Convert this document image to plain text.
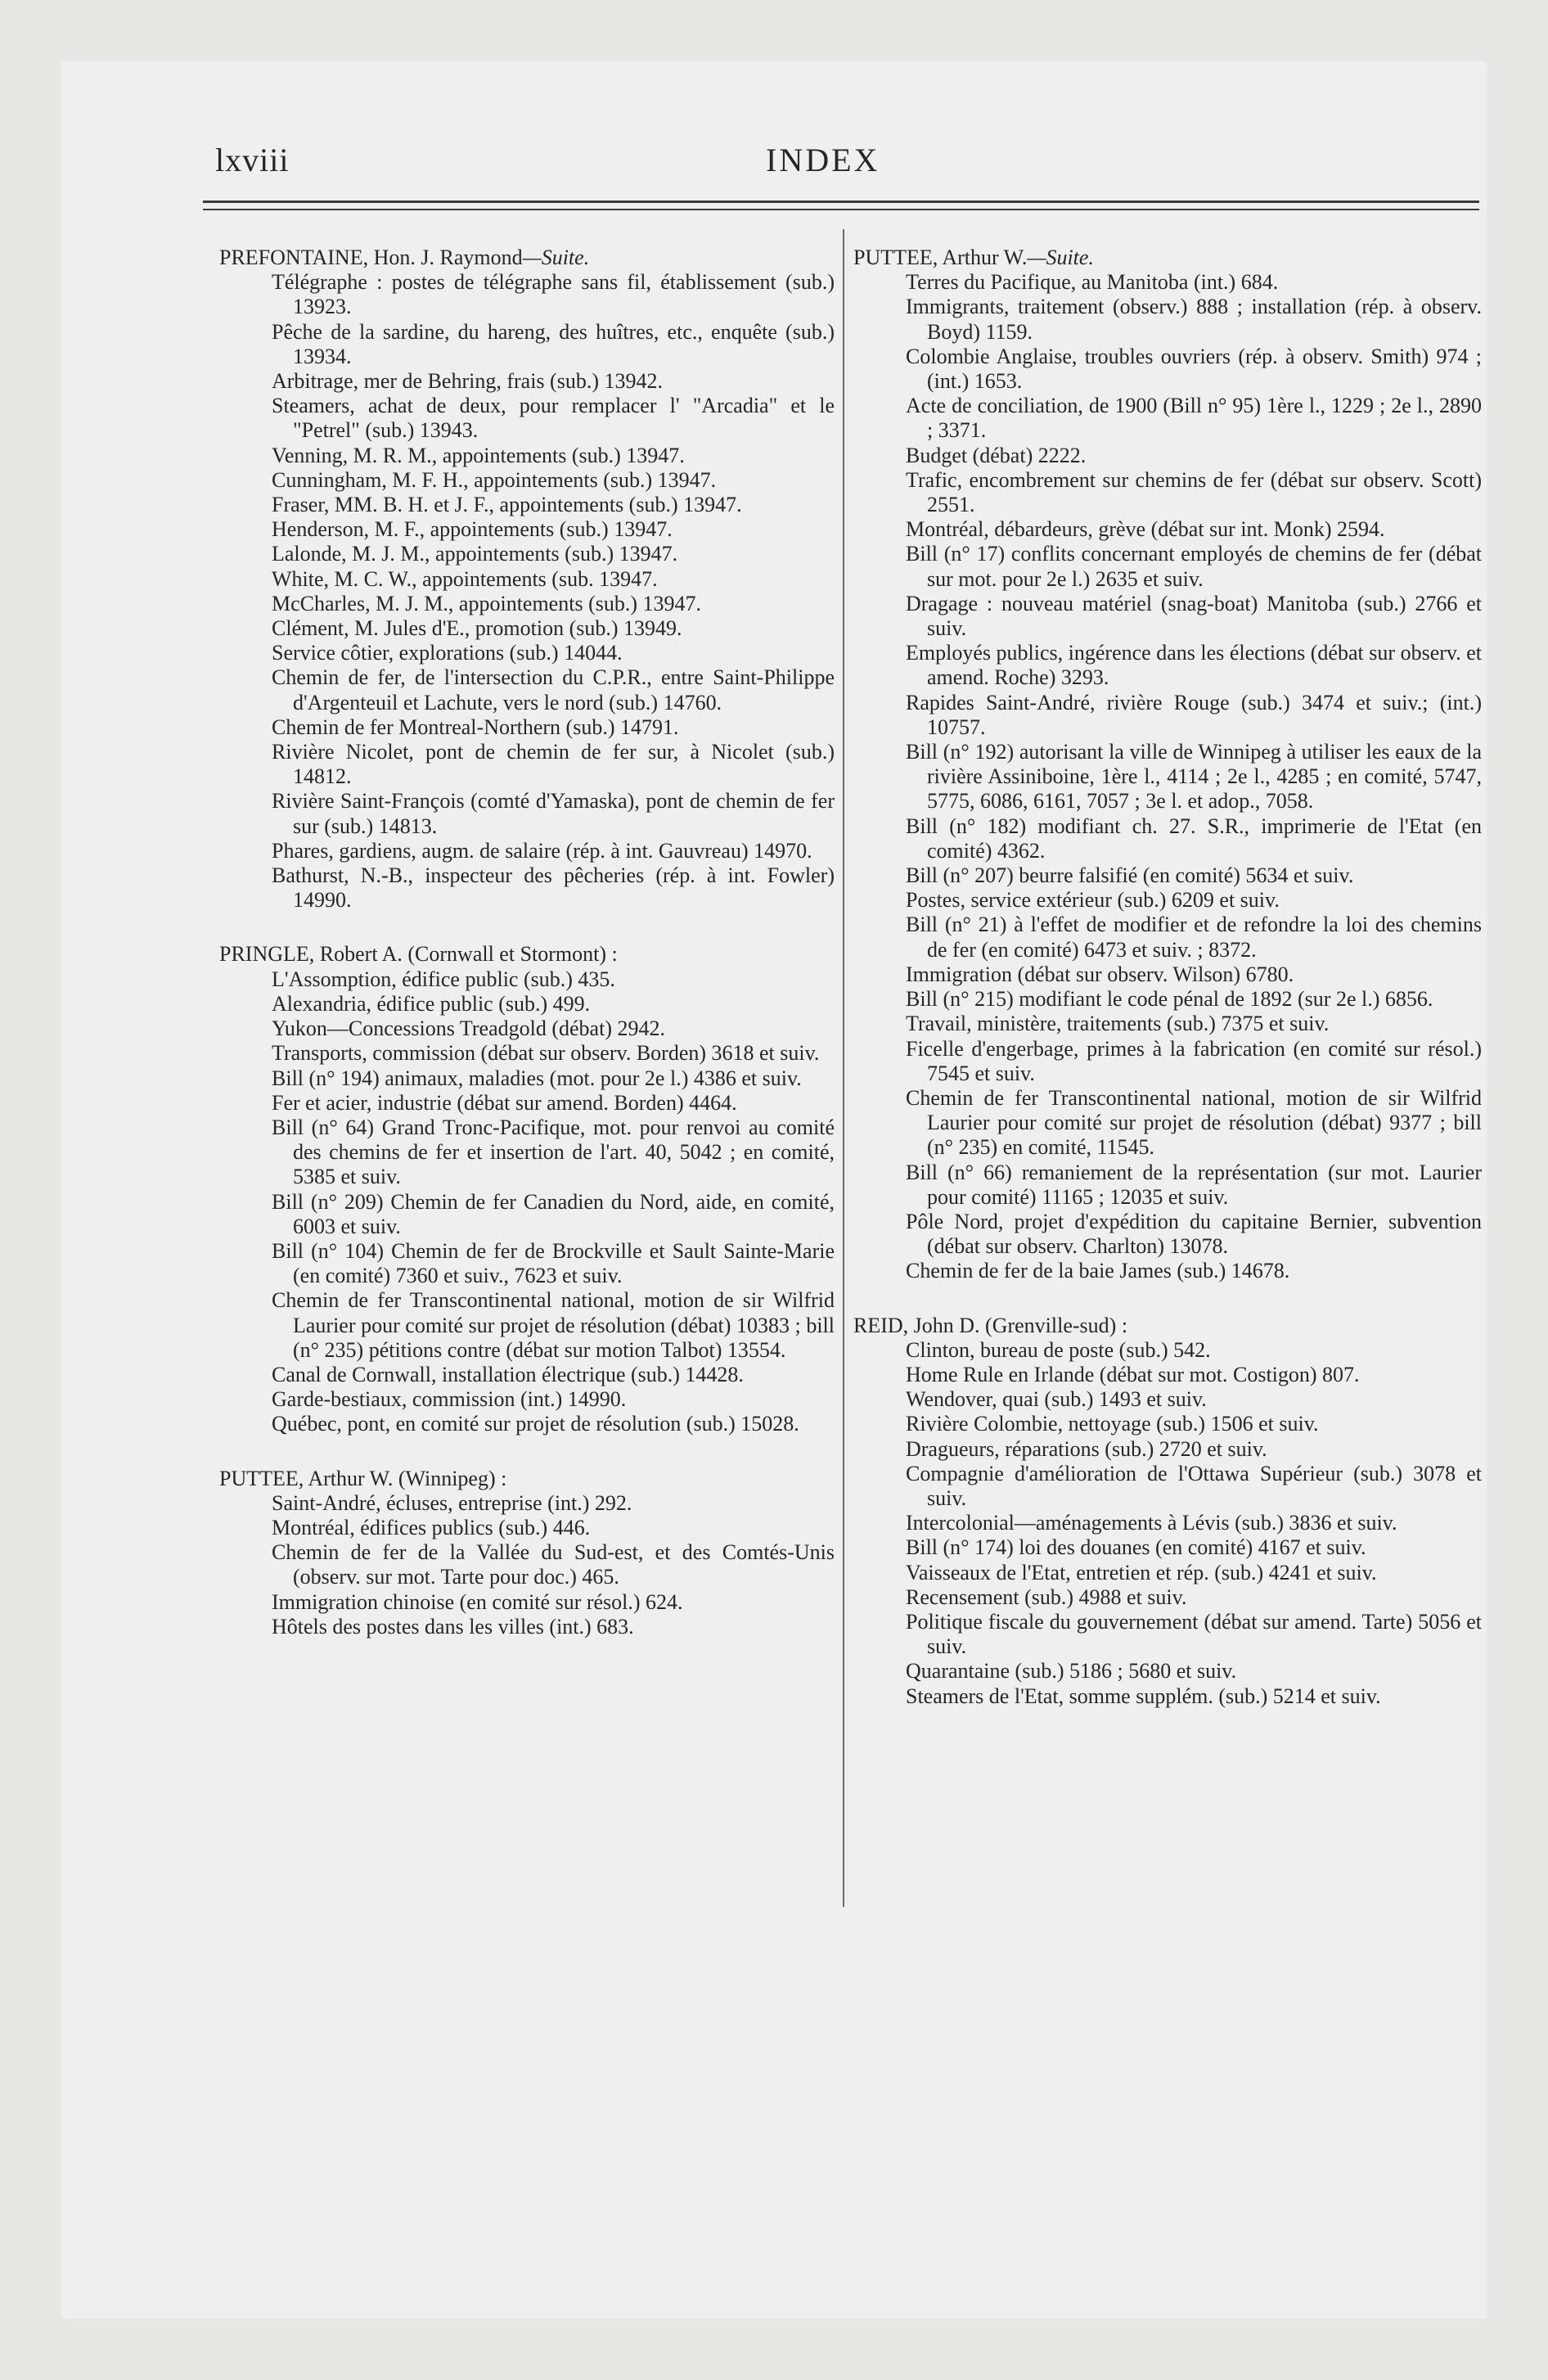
lxviii	INDEX
PREFONTAINE, Hon. J. Raymond—Suite.
Télégraphe : postes de télégraphe sans fil, établissement (sub.) 13923.
Pêche de la sardine, du hareng, des huîtres, etc., enquête (sub.) 13934.
Arbitrage, mer de Behring, frais (sub.) 13942.
Steamers, achat de deux, pour remplacer l' "Arcadia" et le "Petrel" (sub.) 13943.
Venning, M. R. M., appointements (sub.) 13947.
Cunningham, M. F. H., appointements (sub.) 13947.
Fraser, MM. B. H. et J. F., appointements (sub.) 13947.
Henderson, M. F., appointements (sub.) 13947.
Lalonde, M. J. M., appointements (sub.) 13947.
White, M. C. W., appointements (sub. 13947.
McCharles, M. J. M., appointements (sub.) 13947.
Clément, M. Jules d'E., promotion (sub.) 13949.
Service côtier, explorations (sub.) 14044.
Chemin de fer, de l'intersection du C.P.R., entre Saint-Philippe d'Argenteuil et Lachute, vers le nord (sub.) 14760.
Chemin de fer Montreal-Northern (sub.) 14791.
Rivière Nicolet, pont de chemin de fer sur, à Nicolet (sub.) 14812.
Rivière Saint-François (comté d'Yamaska), pont de chemin de fer sur (sub.) 14813.
Phares, gardiens, augm. de salaire (rép. à int. Gauvreau) 14970.
Bathurst, N.-B., inspecteur des pêcheries (rép. à int. Fowler) 14990.
PRINGLE, Robert A. (Cornwall et Stormont) :
L'Assomption, édifice public (sub.) 435.
Alexandria, édifice public (sub.) 499.
Yukon—Concessions Treadgold (débat) 2942.
Transports, commission (débat sur observ. Borden) 3618 et suiv.
Bill (n° 194) animaux, maladies (mot. pour 2e l.) 4386 et suiv.
Fer et acier, industrie (débat sur amend. Borden) 4464.
Bill (n° 64) Grand Tronc-Pacifique, mot. pour renvoi au comité des chemins de fer et insertion de l'art. 40, 5042 ; en comité, 5385 et suiv.
Bill (n° 209) Chemin de fer Canadien du Nord, aide, en comité, 6003 et suiv.
Bill (n° 104) Chemin de fer de Brockville et Sault Sainte-Marie (en comité) 7360 et suiv., 7623 et suiv.
Chemin de fer Transcontinental national, motion de sir Wilfrid Laurier pour comité sur projet de résolution (débat) 10383 ; bill (n° 235) pétitions contre (débat sur motion Talbot) 13554.
Canal de Cornwall, installation électrique (sub.) 14428.
Garde-bestiaux, commission (int.) 14990.
Québec, pont, en comité sur projet de résolution (sub.) 15028.
PUTTEE, Arthur W. (Winnipeg) :
Saint-André, écluses, entreprise (int.) 292.
Montréal, édifices publics (sub.) 446.
Chemin de fer de la Vallée du Sud-est, et des Comtés-Unis (observ. sur mot. Tarte pour doc.) 465.
Immigration chinoise (en comité sur résol.) 624.
Hôtels des postes dans les villes (int.) 683.
PUTTEE, Arthur W.—Suite.
Terres du Pacifique, au Manitoba (int.) 684.
Immigrants, traitement (observ.) 888 ; installation (rép. à observ. Boyd) 1159.
Colombie Anglaise, troubles ouvriers (rép. à observ. Smith) 974 ; (int.) 1653.
Acte de conciliation, de 1900 (Bill n° 95) 1ère l., 1229 ; 2e l., 2890 ; 3371.
Budget (débat) 2222.
Trafic, encombrement sur chemins de fer (débat sur observ. Scott) 2551.
Montréal, débardeurs, grève (débat sur int. Monk) 2594.
Bill (n° 17) conflits concernant employés de chemins de fer (débat sur mot. pour 2e l.) 2635 et suiv.
Dragage : nouveau matériel (snag-boat) Manitoba (sub.) 2766 et suiv.
Employés publics, ingérence dans les élections (débat sur observ. et amend. Roche) 3293.
Rapides Saint-André, rivière Rouge (sub.) 3474 et suiv.; (int.) 10757.
Bill (n° 192) autorisant la ville de Winnipeg à utiliser les eaux de la rivière Assiniboine, 1ère l., 4114 ; 2e l., 4285 ; en comité, 5747, 5775, 6086, 6161, 7057 ; 3e l. et adop., 7058.
Bill (n° 182) modifiant ch. 27. S.R., imprimerie de l'Etat (en comité) 4362.
Bill (n° 207) beurre falsifié (en comité) 5634 et suiv.
Postes, service extérieur (sub.) 6209 et suiv.
Bill (n° 21) à l'effet de modifier et de refondre la loi des chemins de fer (en comité) 6473 et suiv. ; 8372.
Immigration (débat sur observ. Wilson) 6780.
Bill (n° 215) modifiant le code pénal de 1892 (sur 2e l.) 6856.
Travail, ministère, traitements (sub.) 7375 et suiv.
Ficelle d'engerbage, primes à la fabrication (en comité sur résol.) 7545 et suiv.
Chemin de fer Transcontinental national, motion de sir Wilfrid Laurier pour comité sur projet de résolution (débat) 9377 ; bill (n° 235) en comité, 11545.
Bill (n° 66) remaniement de la représentation (sur mot. Laurier pour comité) 11165 ; 12035 et suiv.
Pôle Nord, projet d'expédition du capitaine Bernier, subvention (débat sur observ. Charlton) 13078.
Chemin de fer de la baie James (sub.) 14678.
REID, John D. (Grenville-sud) :
Clinton, bureau de poste (sub.) 542.
Home Rule en Irlande (débat sur mot. Costigon) 807.
Wendover, quai (sub.) 1493 et suiv.
Rivière Colombie, nettoyage (sub.) 1506 et suiv.
Dragueurs, réparations (sub.) 2720 et suiv.
Compagnie d'amélioration de l'Ottawa Supérieur (sub.) 3078 et suiv.
Intercolonial—aménagements à Lévis (sub.) 3836 et suiv.
Bill (n° 174) loi des douanes (en comité) 4167 et suiv.
Vaisseaux de l'Etat, entretien et rép. (sub.) 4241 et suiv.
Recensement (sub.) 4988 et suiv.
Politique fiscale du gouvernement (débat sur amend. Tarte) 5056 et suiv.
Quarantaine (sub.) 5186 ; 5680 et suiv.
Steamers de l'Etat, somme supplém. (sub.) 5214 et suiv.
